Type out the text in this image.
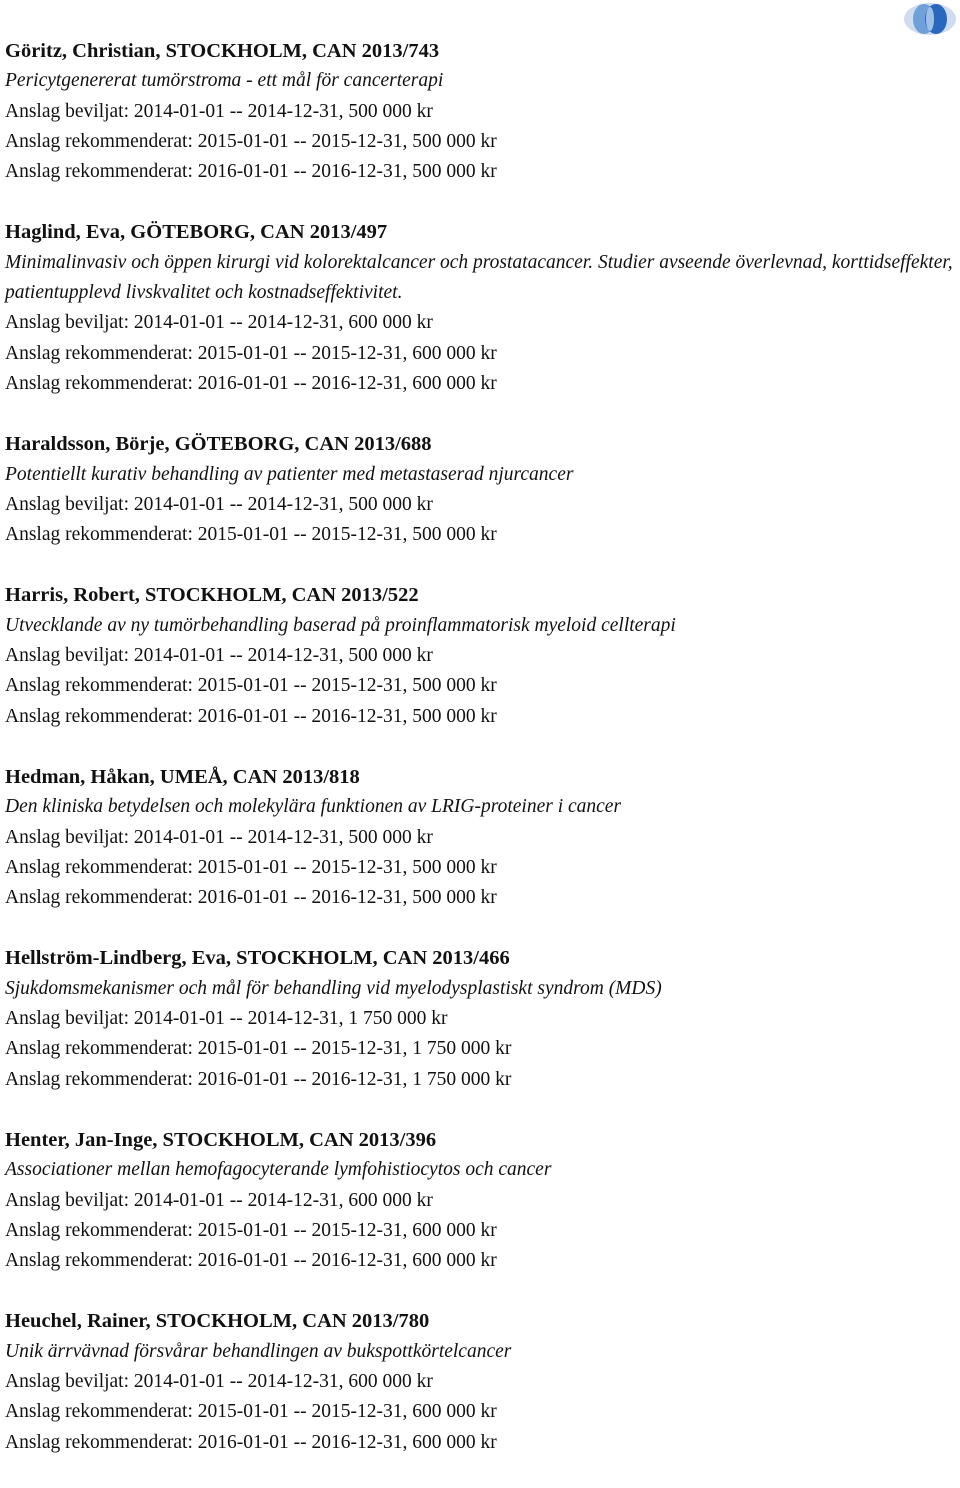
Göritz, Christian, STOCKHOLM, CAN 2013/743
Pericytgenererat tumörstroma - ett mål för cancerterapi
Anslag beviljat: 2014-01-01 -- 2014-12-31, 500 000 kr
Anslag rekommenderat: 2015-01-01 -- 2015-12-31, 500 000 kr
Anslag rekommenderat: 2016-01-01 -- 2016-12-31, 500 000 kr
Haglind, Eva, GÖTEBORG, CAN 2013/497
Minimalinvasiv och öppen kirurgi vid kolorektalcancer och prostatacancer. Studier avseende överlevnad, korttidseffekter, patientupplevd livskvalitet och kostnadseffektivitet.
Anslag beviljat: 2014-01-01 -- 2014-12-31, 600 000 kr
Anslag rekommenderat: 2015-01-01 -- 2015-12-31, 600 000 kr
Anslag rekommenderat: 2016-01-01 -- 2016-12-31, 600 000 kr
Haraldsson, Börje, GÖTEBORG, CAN 2013/688
Potentiellt kurativ behandling av patienter med metastaserad njurcancer
Anslag beviljat: 2014-01-01 -- 2014-12-31, 500 000 kr
Anslag rekommenderat: 2015-01-01 -- 2015-12-31, 500 000 kr
Harris, Robert, STOCKHOLM, CAN 2013/522
Utvecklande av ny tumörbehandling baserad på proinflammatorisk myeloid cellterapi
Anslag beviljat: 2014-01-01 -- 2014-12-31, 500 000 kr
Anslag rekommenderat: 2015-01-01 -- 2015-12-31, 500 000 kr
Anslag rekommenderat: 2016-01-01 -- 2016-12-31, 500 000 kr
Hedman, Håkan, UMEÅ, CAN 2013/818
Den kliniska betydelsen och molekylära funktionen av LRIG-proteiner i cancer
Anslag beviljat: 2014-01-01 -- 2014-12-31, 500 000 kr
Anslag rekommenderat: 2015-01-01 -- 2015-12-31, 500 000 kr
Anslag rekommenderat: 2016-01-01 -- 2016-12-31, 500 000 kr
Hellström-Lindberg, Eva, STOCKHOLM, CAN 2013/466
Sjukdomsmekanismer och mål för behandling vid myelodysplastiskt syndrom (MDS)
Anslag beviljat: 2014-01-01 -- 2014-12-31, 1 750 000 kr
Anslag rekommenderat: 2015-01-01 -- 2015-12-31, 1 750 000 kr
Anslag rekommenderat: 2016-01-01 -- 2016-12-31, 1 750 000 kr
Henter, Jan-Inge, STOCKHOLM, CAN 2013/396
Associationer mellan hemofagocyterande lymfohistiocytos och cancer
Anslag beviljat: 2014-01-01 -- 2014-12-31, 600 000 kr
Anslag rekommenderat: 2015-01-01 -- 2015-12-31, 600 000 kr
Anslag rekommenderat: 2016-01-01 -- 2016-12-31, 600 000 kr
Heuchel, Rainer, STOCKHOLM, CAN 2013/780
Unik ärrvävnad försvårar behandlingen av bukspottkörtelcancer
Anslag beviljat: 2014-01-01 -- 2014-12-31, 600 000 kr
Anslag rekommenderat: 2015-01-01 -- 2015-12-31, 600 000 kr
Anslag rekommenderat: 2016-01-01 -- 2016-12-31, 600 000 kr
